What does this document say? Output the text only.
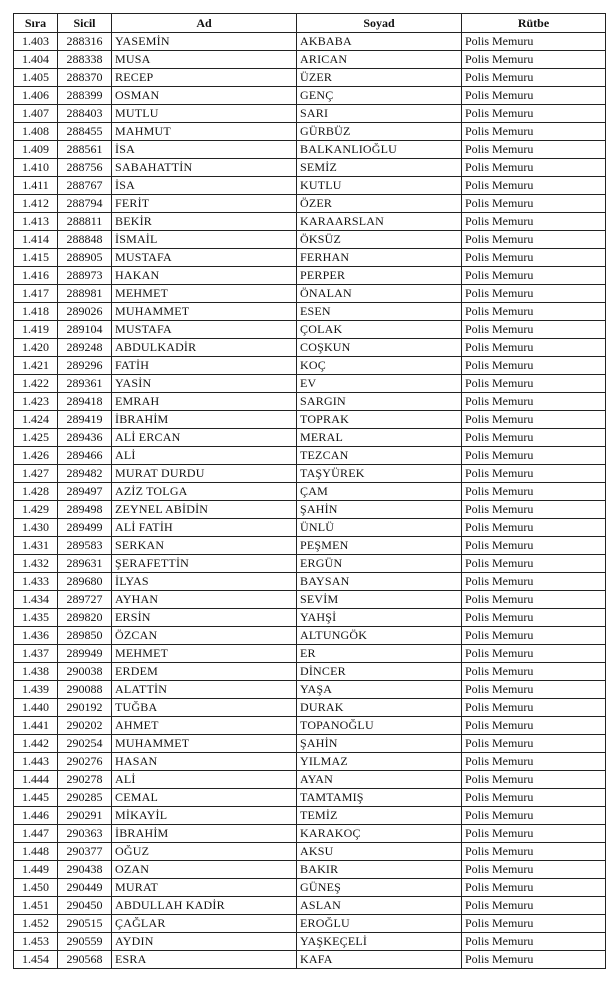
Sıra	Sicil	Ad	Soyad	Rütbe
1.403	288316	YASEMİN	AKBABA	Polis Memuru
1.404	288338	MUSA	ARICAN	Polis Memuru
1.405	288370	RECEP	ÜZER	Polis Memuru
1.406	288399	OSMAN	GENÇ	Polis Memuru
1.407	288403	MUTLU	SARI	Polis Memuru
1.408	288455	MAHMUT	GÜRBÜZ	Polis Memuru
1.409	288561	İSA	BALKANLIOĞLU	Polis Memuru
1.410	288756	SABAHATTİN	SEMİZ	Polis Memuru
1.411	288767	İSA	KUTLU	Polis Memuru
1.412	288794	FERİT	ÖZER	Polis Memuru
1.413	288811	BEKİR	KARAARSLAN	Polis Memuru
1.414	288848	İSMAİL	ÖKSÜZ	Polis Memuru
1.415	288905	MUSTAFA	FERHAN	Polis Memuru
1.416	288973	HAKAN	PERPER	Polis Memuru
1.417	288981	MEHMET	ÖNALAN	Polis Memuru
1.418	289026	MUHAMMET	ESEN	Polis Memuru
1.419	289104	MUSTAFA	ÇOLAK	Polis Memuru
1.420	289248	ABDULKADİR	COŞKUN	Polis Memuru
1.421	289296	FATİH	KOÇ	Polis Memuru
1.422	289361	YASİN	EV	Polis Memuru
1.423	289418	EMRAH	SARGIN	Polis Memuru
1.424	289419	İBRAHİM	TOPRAK	Polis Memuru
1.425	289436	ALİ ERCAN	MERAL	Polis Memuru
1.426	289466	ALİ	TEZCAN	Polis Memuru
1.427	289482	MURAT DURDU	TAŞYÜREK	Polis Memuru
1.428	289497	AZİZ TOLGA	ÇAM	Polis Memuru
1.429	289498	ZEYNEL ABİDİN	ŞAHİN	Polis Memuru
1.430	289499	ALİ FATİH	ÜNLÜ	Polis Memuru
1.431	289583	SERKAN	PEŞMEN	Polis Memuru
1.432	289631	ŞERAFETTİN	ERGÜN	Polis Memuru
1.433	289680	İLYAS	BAYSAN	Polis Memuru
1.434	289727	AYHAN	SEVİM	Polis Memuru
1.435	289820	ERSİN	YAHŞİ	Polis Memuru
1.436	289850	ÖZCAN	ALTUNGÖK	Polis Memuru
1.437	289949	MEHMET	ER	Polis Memuru
1.438	290038	ERDEM	DİNCER	Polis Memuru
1.439	290088	ALATTİN	YAŞA	Polis Memuru
1.440	290192	TUĞBA	DURAK	Polis Memuru
1.441	290202	AHMET	TOPANOĞLU	Polis Memuru
1.442	290254	MUHAMMET	ŞAHİN	Polis Memuru
1.443	290276	HASAN	YILMAZ	Polis Memuru
1.444	290278	ALİ	AYAN	Polis Memuru
1.445	290285	CEMAL	TAMTAMIŞ	Polis Memuru
1.446	290291	MİKAYİL	TEMİZ	Polis Memuru
1.447	290363	İBRAHİM	KARAKOÇ	Polis Memuru
1.448	290377	OĞUZ	AKSU	Polis Memuru
1.449	290438	OZAN	BAKIR	Polis Memuru
1.450	290449	MURAT	GÜNEŞ	Polis Memuru
1.451	290450	ABDULLAH KADİR	ASLAN	Polis Memuru
1.452	290515	ÇAĞLAR	EROĞLU	Polis Memuru
1.453	290559	AYDIN	YAŞKEÇELİ	Polis Memuru
1.454	290568	ESRA	KAFA	Polis Memuru
